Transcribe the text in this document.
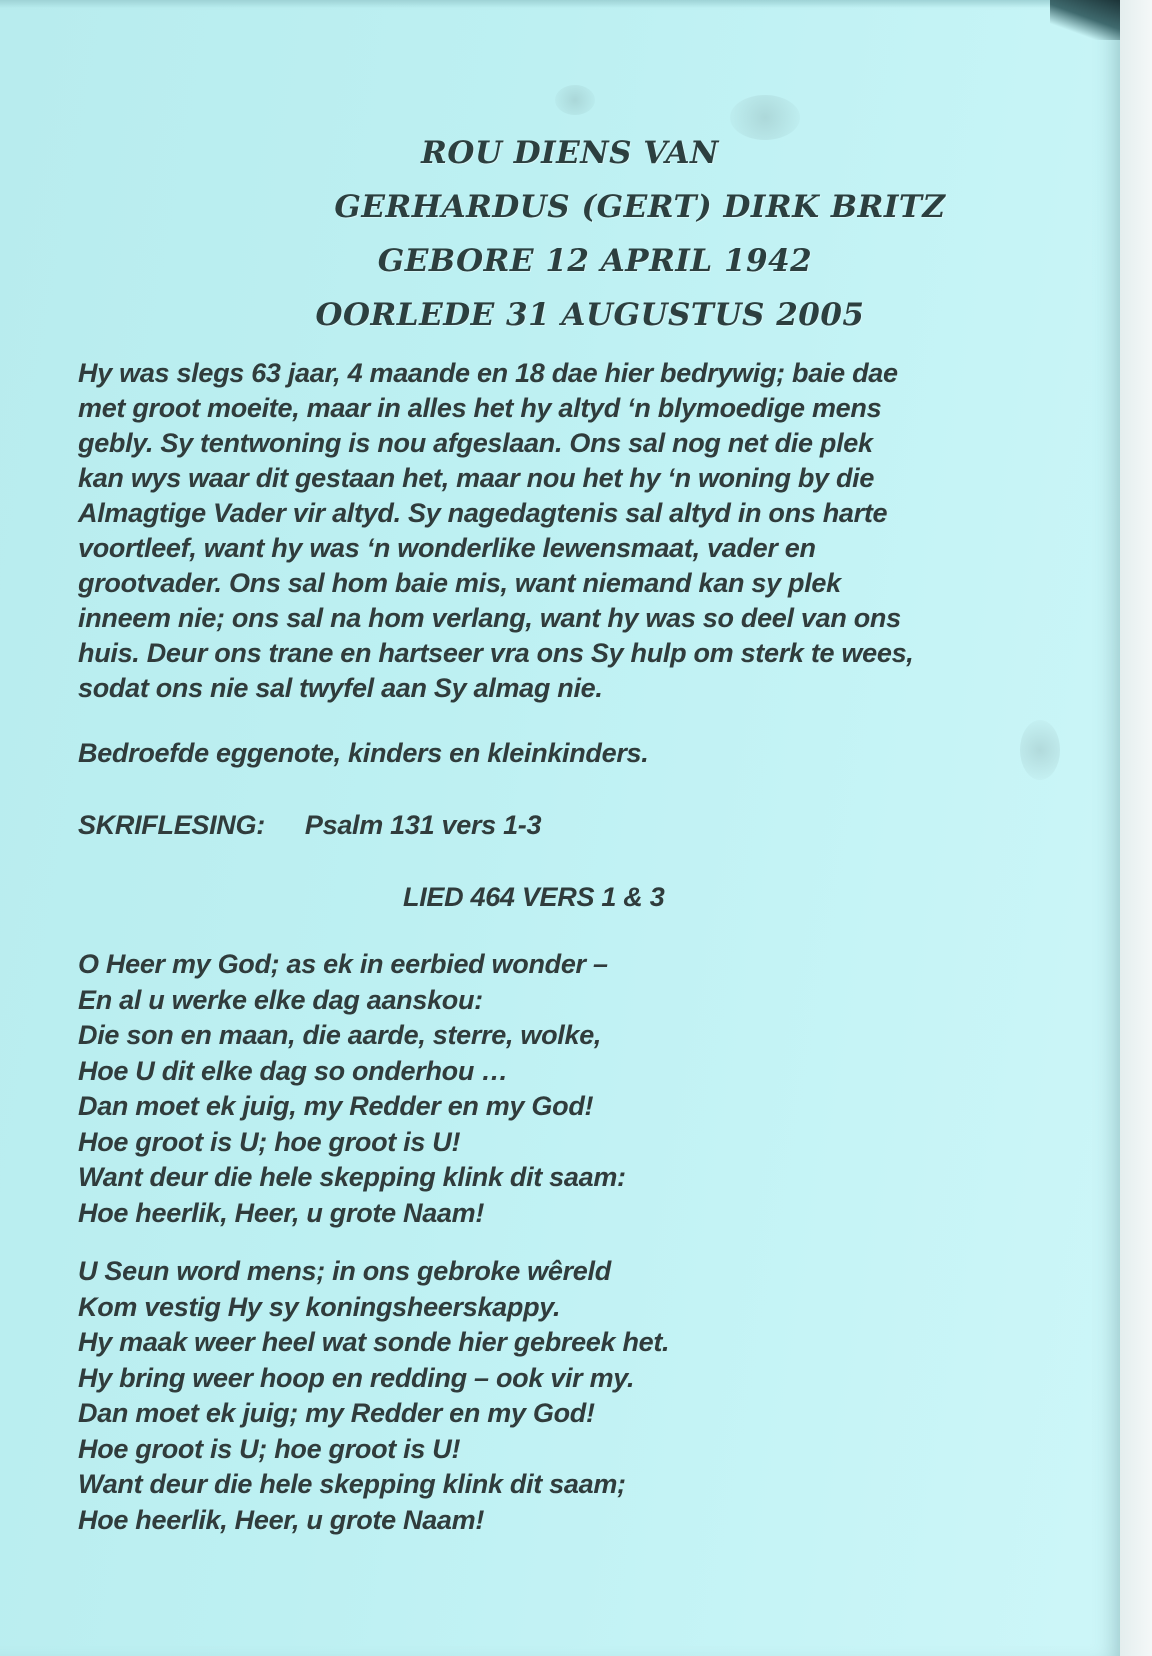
ROU DIENS VAN
GERHARDUS (GERT) DIRK BRITZ
GEBORE 12 APRIL 1942
OORLEDE 31 AUGUSTUS 2005
Hy was slegs 63 jaar, 4 maande en 18 dae hier bedrywig; baie dae
met groot moeite, maar in alles het hy altyd ‘n blymoedige mens
gebly. Sy tentwoning is nou afgeslaan. Ons sal nog net die plek
kan wys waar dit gestaan het, maar nou het hy ‘n woning by die
Almagtige Vader vir altyd. Sy nagedagtenis sal altyd in ons harte
voortleef, want hy was ‘n wonderlike lewensmaat, vader en
grootvader. Ons sal hom baie mis, want niemand kan sy plek
inneem nie; ons sal na hom verlang, want hy was so deel van ons
huis. Deur ons trane en hartseer vra ons Sy hulp om sterk te wees,
sodat ons nie sal twyfel aan Sy almag nie.
Bedroefde eggenote, kinders en kleinkinders.
SKRIFLESING: Psalm 131 vers 1-3
LIED 464 VERS 1 & 3
O Heer my God; as ek in eerbied wonder –
En al u werke elke dag aanskou:
Die son en maan, die aarde, sterre, wolke,
Hoe U dit elke dag so onderhou …
Dan moet ek juig, my Redder en my God!
Hoe groot is U; hoe groot is U!
Want deur die hele skepping klink dit saam:
Hoe heerlik, Heer, u grote Naam!
U Seun word mens; in ons gebroke wêreld
Kom vestig Hy sy koningsheerskappy.
Hy maak weer heel wat sonde hier gebreek het.
Hy bring weer hoop en redding – ook vir my.
Dan moet ek juig; my Redder en my God!
Hoe groot is U; hoe groot is U!
Want deur die hele skepping klink dit saam;
Hoe heerlik, Heer, u grote Naam!
